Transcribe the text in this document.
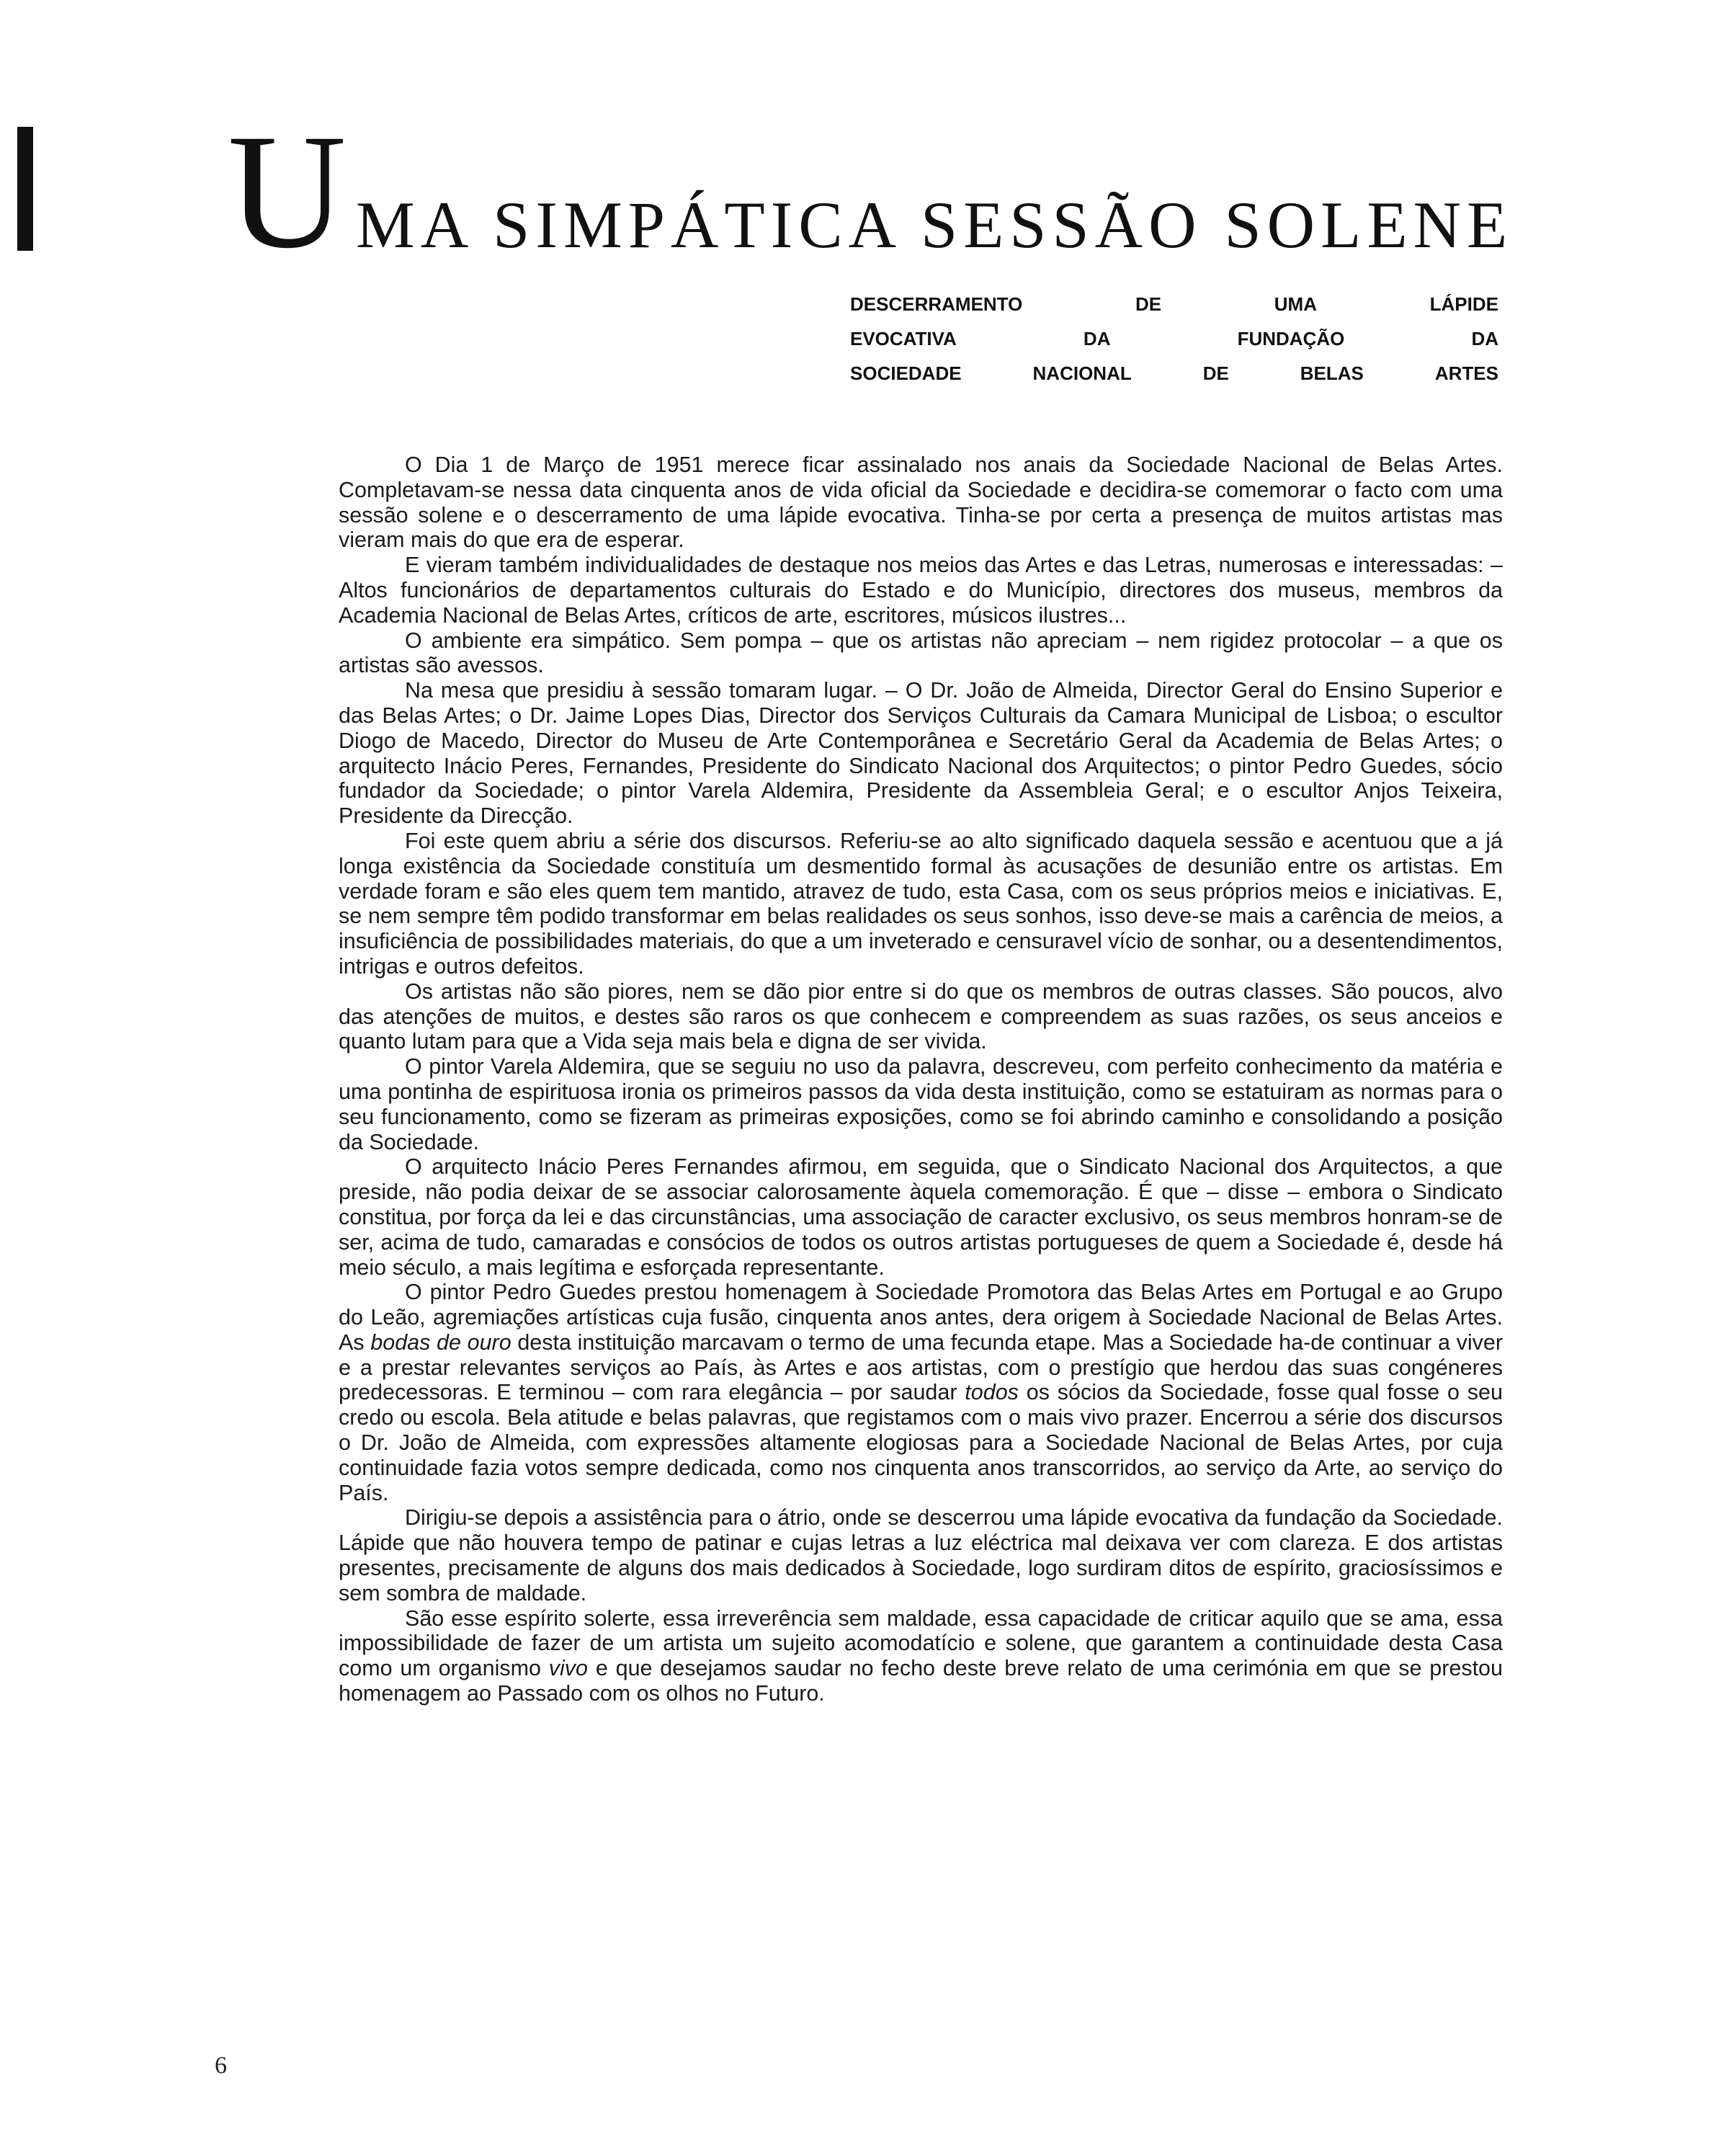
U MA SIMPÁTICA SESSÃO SOLENE
DESCERRAMENTO	DE	UMA	LÁPIDE
EVOCATIVA	DA	FUNDAÇÃO	DA
SOCIEDADE	NACIONAL	DE	BELAS	ARTES

O Dia 1 de Março de 1951 merece ficar assinalado nos anais da Sociedade Nacional de Belas Artes. Completavam-se nessa data cinquenta anos de vida oficial da Sociedade e decidira-se comemorar o facto com uma sessão solene e o descerramento de uma lápide evocativa. Tinha-se por certa a presença de muitos artistas mas vieram mais do que era de esperar.

E vieram também individualidades de destaque nos meios das Artes e das Letras, numerosas e interessadas: – Altos funcionários de departamentos culturais do Estado e do Município, directores dos museus, membros da Academia Nacional de Belas Artes, críticos de arte, escritores, músicos ilustres...

O ambiente era simpático. Sem pompa – que os artistas não apreciam – nem rigidez protocolar – a que os artistas são avessos.

Na mesa que presidiu à sessão tomaram lugar. – O Dr. João de Almeida, Director Geral do Ensino Superior e das Belas Artes; o Dr. Jaime Lopes Dias, Director dos Serviços Culturais da Camara Municipal de Lisboa; o escultor Diogo de Macedo, Director do Museu de Arte Contemporânea e Secretário Geral da Academia de Belas Artes; o arquitecto Inácio Peres, Fernandes, Presidente do Sindicato Nacional dos Arquitectos; o pintor Pedro Guedes, sócio fundador da Sociedade; o pintor Varela Aldemira, Presidente da Assembleia Geral; e o escultor Anjos Teixeira, Presidente da Direcção.

Foi este quem abriu a série dos discursos. Referiu-se ao alto significado daquela sessão e acentuou que a já longa existência da Sociedade constituía um desmentido formal às acusações de desunião entre os artistas. Em verdade foram e são eles quem tem mantido, atravez de tudo, esta Casa, com os seus próprios meios e iniciativas. E, se nem sempre têm podido transformar em belas realidades os seus sonhos, isso deve-se mais a carência de meios, a insuficiência de possibilidades materiais, do que a um inveterado e censuravel vício de sonhar, ou a desentendimentos, intrigas e outros defeitos.

Os artistas não são piores, nem se dão pior entre si do que os membros de outras classes. São poucos, alvo das atenções de muitos, e destes são raros os que conhecem e compreendem as suas razões, os seus anceios e quanto lutam para que a Vida seja mais bela e digna de ser vivida.

O pintor Varela Aldemira, que se seguiu no uso da palavra, descreveu, com perfeito conhecimento da matéria e uma pontinha de espirituosa ironia os primeiros passos da vida desta instituição, como se estatuiram as normas para o seu funcionamento, como se fizeram as primeiras exposições, como se foi abrindo caminho e consolidando a posição da Sociedade.

O arquitecto Inácio Peres Fernandes afirmou, em seguida, que o Sindicato Nacional dos Arquitectos, a que preside, não podia deixar de se associar calorosamente àquela comemoração. É que – disse – embora o Sindicato constitua, por força da lei e das circunstâncias, uma associação de caracter exclusivo, os seus membros honram-se de ser, acima de tudo, camaradas e consócios de todos os outros artistas portugueses de quem a Sociedade é, desde há meio século, a mais legítima e esforçada representante.

O pintor Pedro Guedes prestou homenagem à Sociedade Promotora das Belas Artes em Portugal e ao Grupo do Leão, agremiações artísticas cuja fusão, cinquenta anos antes, dera origem à Sociedade Nacional de Belas Artes. As bodas de ouro desta instituição marcavam o termo de uma fecunda etape. Mas a Sociedade ha-de continuar a viver e a prestar relevantes serviços ao País, às Artes e aos artistas, com o prestígio que herdou das suas congéneres predecessoras. E terminou – com rara elegância – por saudar todos os sócios da Sociedade, fosse qual fosse o seu credo ou escola. Bela atitude e belas palavras, que registamos com o mais vivo prazer. Encerrou a série dos discursos o Dr. João de Almeida, com expressões altamente elogiosas para a Sociedade Nacional de Belas Artes, por cuja continuidade fazia votos sempre dedicada, como nos cinquenta anos transcorridos, ao serviço da Arte, ao serviço do País.

Dirigiu-se depois a assistência para o átrio, onde se descerrou uma lápide evocativa da fundação da Sociedade. Lápide que não houvera tempo de patinar e cujas letras a luz eléctrica mal deixava ver com clareza. E dos artistas presentes, precisamente de alguns dos mais dedicados à Sociedade, logo surdiram ditos de espírito, graciosíssimos e sem sombra de maldade.

São esse espírito solerte, essa irreverência sem maldade, essa capacidade de criticar aquilo que se ama, essa impossibilidade de fazer de um artista um sujeito acomodatício e solene, que garantem a continuidade desta Casa como um organismo vivo e que desejamos saudar no fecho deste breve relato de uma cerimónia em que se prestou homenagem ao Passado com os olhos no Futuro.

6
